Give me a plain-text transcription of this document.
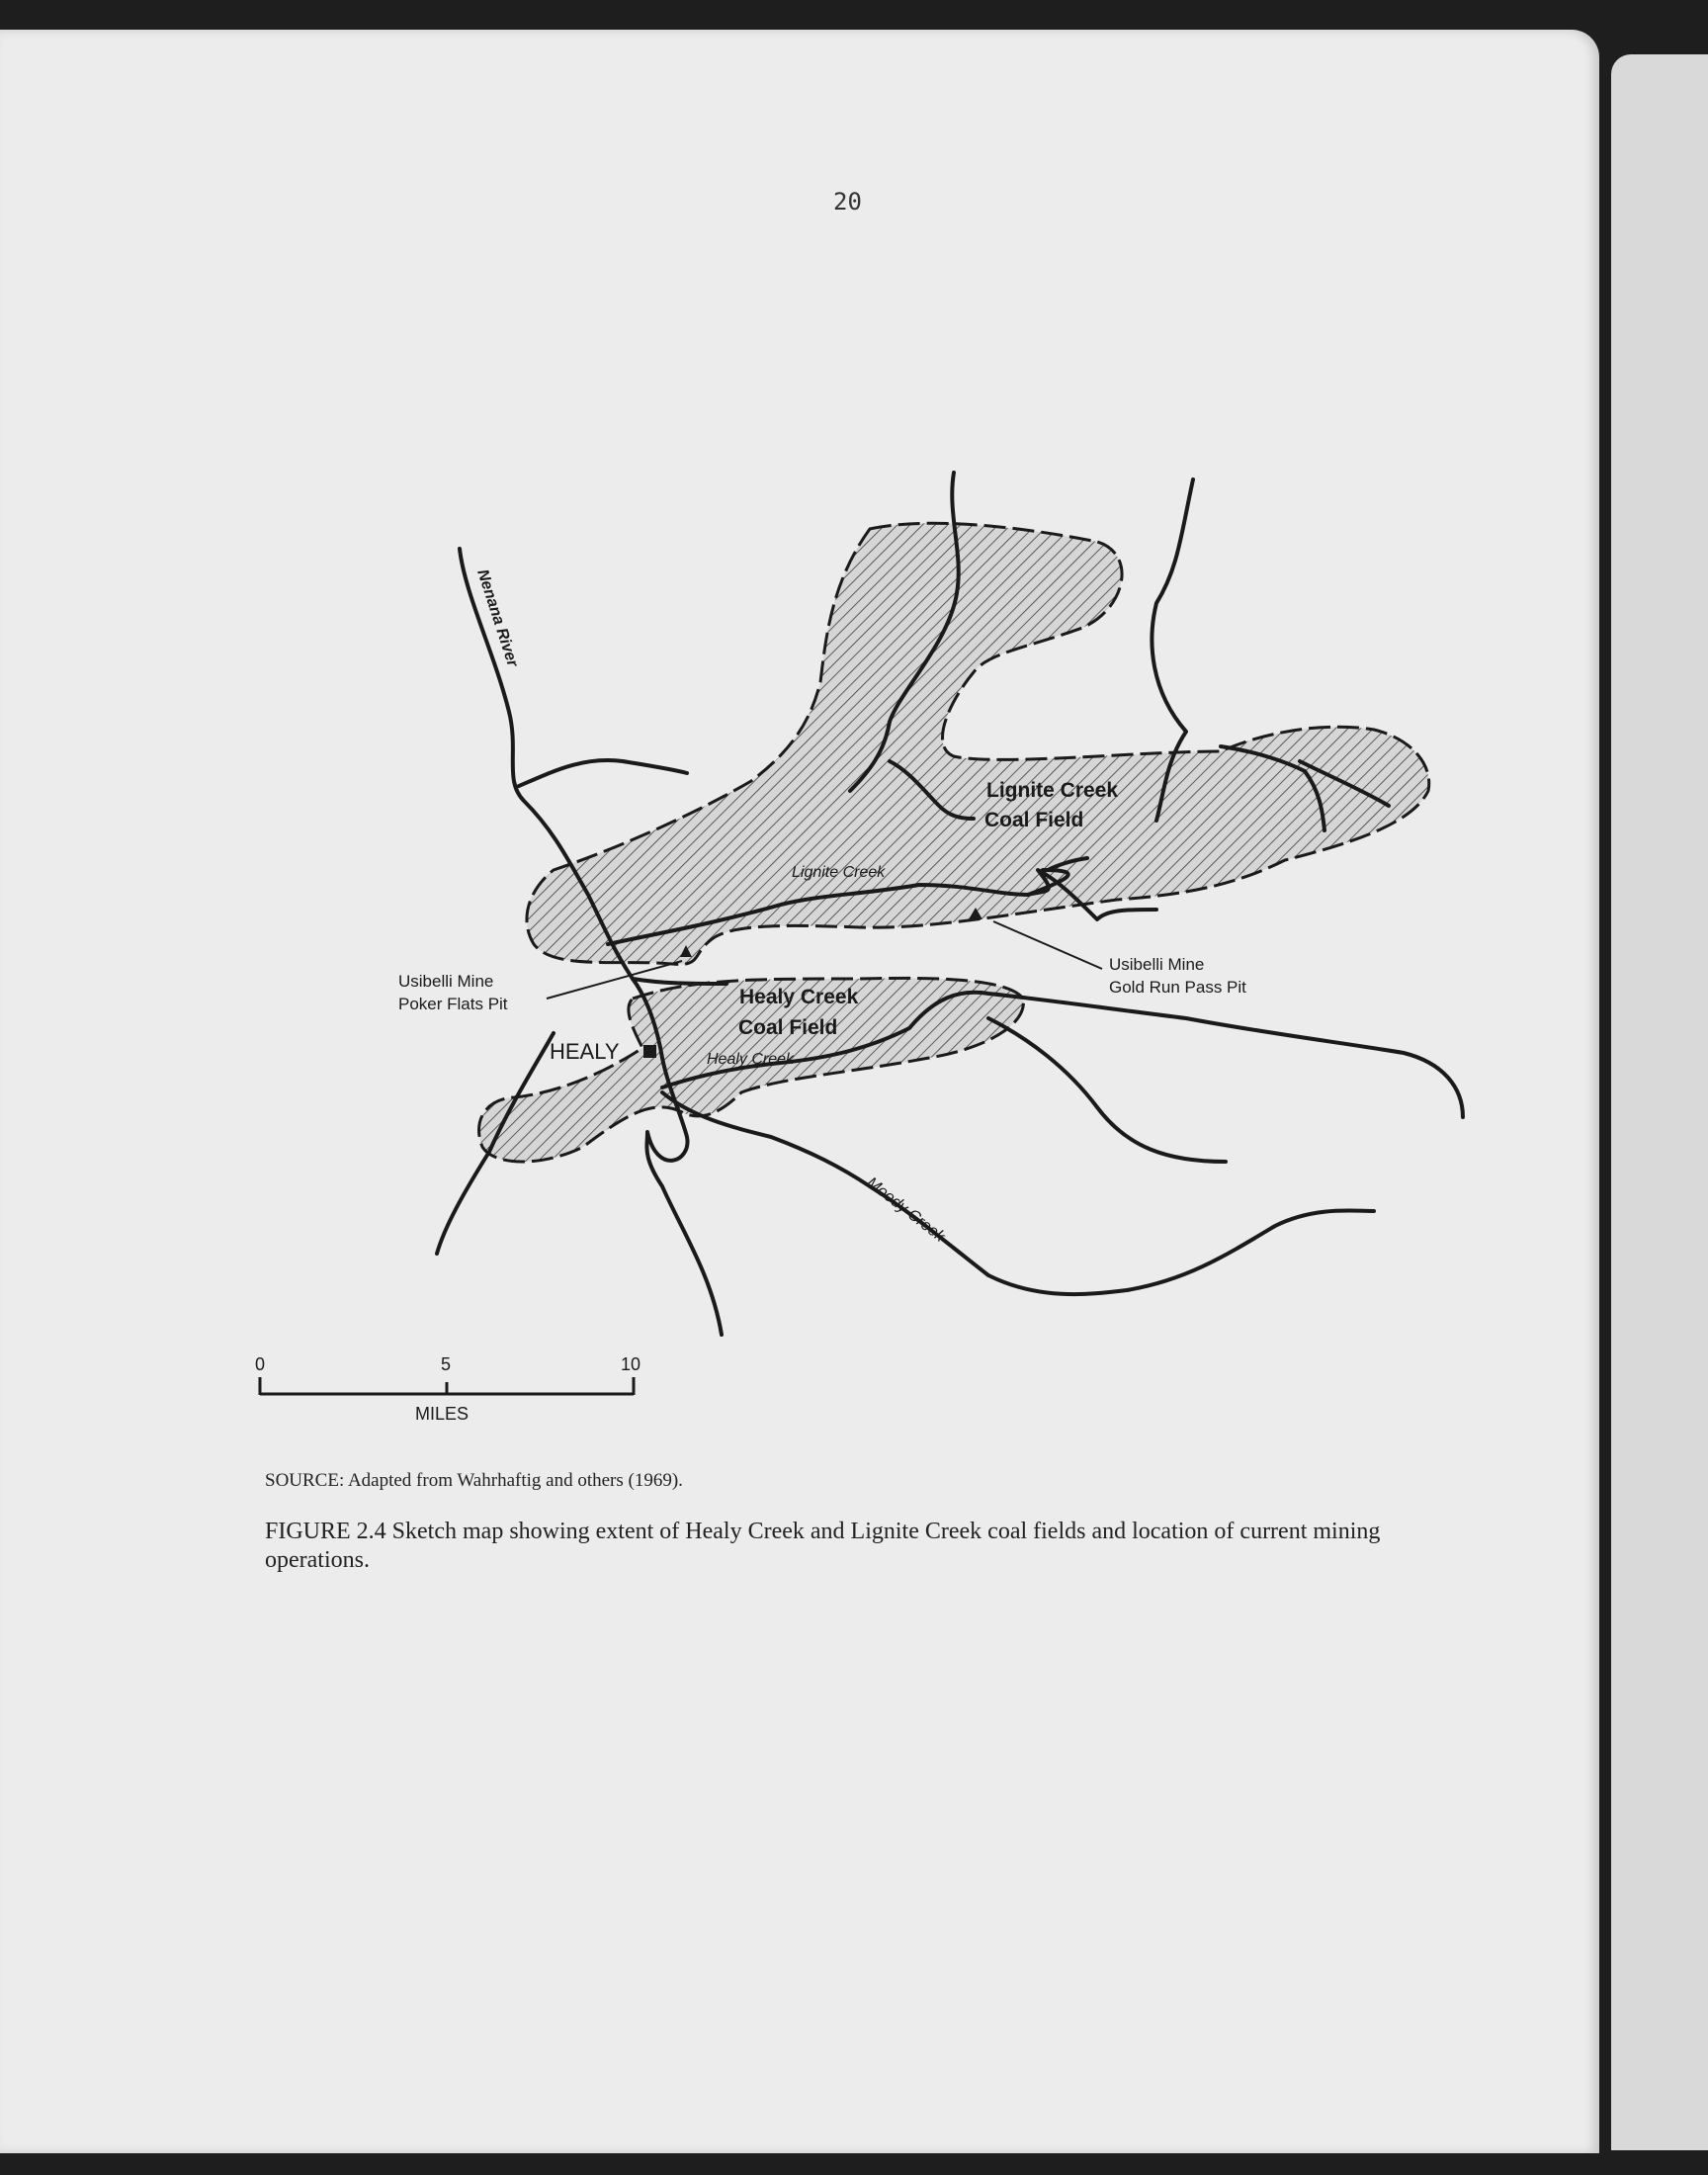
20
Nenana River
Lignite Creek
Coal Field
Lignite Creek
Usibelli Mine
Gold Run Pass Pit
Usibelli Mine
Poker Flats Pit	Healy Creek
Coal Field
HEALY	Healy Creek
Moody Creek
0	5	10
MILES
SOURCE: Adapted from Wahrhaftig and others (1969).
FIGURE 2.4 Sketch map showing extent of Healy Creek and Lignite Creek coal fields and location of current mining operations.
